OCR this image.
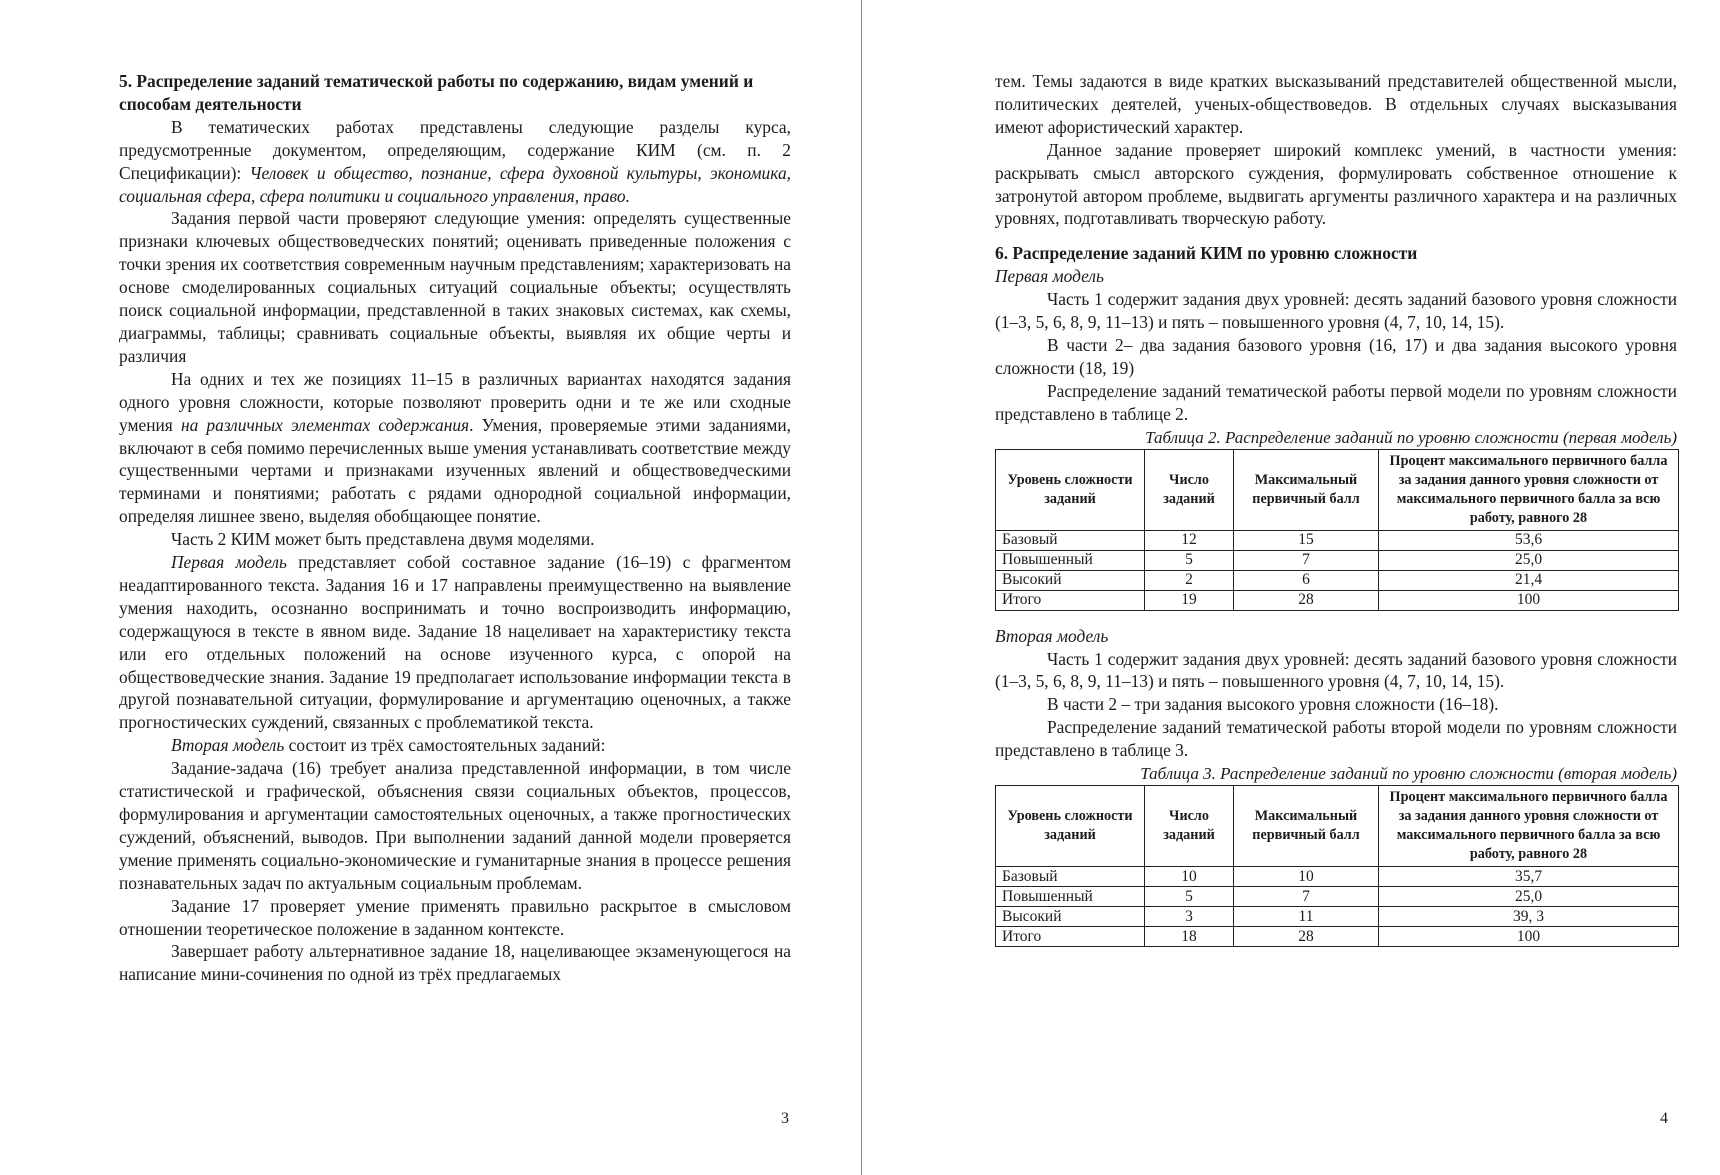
5. Распределение заданий тематической работы по содержанию, видам умений и способам деятельности

В тематических работах представлены следующие разделы курса, предусмотренные документом, определяющим, содержание КИМ (см. п. 2 Спецификации): Человек и общество, познание, сфера духовной культуры, экономика, социальная сфера, сфера политики и социального управления, право.

Задания первой части проверяют следующие умения: определять существенные признаки ключевых обществоведческих понятий; оценивать приведенные положения с точки зрения их соответствия современным научным представлениям; характеризовать на основе смоделированных социальных ситуаций социальные объекты; осуществлять поиск социальной информации, представленной в таких знаковых системах, как схемы, диаграммы, таблицы; сравнивать социальные объекты, выявляя их общие черты и различия

На одних и тех же позициях 11–15 в различных вариантах находятся задания одного уровня сложности, которые позволяют проверить одни и те же или сходные умения на различных элементах содержания. Умения, проверяемые этими заданиями, включают в себя помимо перечисленных выше умения устанавливать соответствие между существенными чертами и признаками изученных явлений и обществоведческими терминами и понятиями; работать с рядами однородной социальной информации, определяя лишнее звено, выделяя обобщающее понятие.

Часть 2 КИМ может быть представлена двумя моделями.

Первая модель представляет собой составное задание (16–19) с фрагментом неадаптированного текста. Задания 16 и 17 направлены преимущественно на выявление умения находить, осознанно воспринимать и точно воспроизводить информацию, содержащуюся в тексте в явном виде. Задание 18 нацеливает на характеристику текста или его отдельных положений на основе изученного курса, с опорой на обществоведческие знания. Задание 19 предполагает использование информации текста в другой познавательной ситуации, формулирование и аргументацию оценочных, а также прогностических суждений, связанных с проблематикой текста.

Вторая модель состоит из трёх самостоятельных заданий:

Задание-задача (16) требует анализа представленной информации, в том числе статистической и графической, объяснения связи социальных объектов, процессов, формулирования и аргументации самостоятельных оценочных, а также прогностических суждений, объяснений, выводов. При выполнении заданий данной модели проверяется умение применять социально-экономические и гуманитарные знания в процессе решения познавательных задач по актуальным социальным проблемам.

Задание 17 проверяет умение применять правильно раскрытое в смысловом отношении теоретическое положение в заданном контексте.

Завершает работу альтернативное задание 18, нацеливающее экзаменующегося на написание мини-сочинения по одной из трёх предлагаемых

3

тем. Темы задаются в виде кратких высказываний представителей общественной мысли, политических деятелей, ученых-обществоведов. В отдельных случаях высказывания имеют афористический характер.

Данное задание проверяет широкий комплекс умений, в частности умения: раскрывать смысл авторского суждения, формулировать собственное отношение к затронутой автором проблеме, выдвигать аргументы различного характера и на различных уровнях, подготавливать творческую работу.

6. Распределение заданий КИМ по уровню сложности

Первая модель

Часть 1 содержит задания двух уровней: десять заданий базового уровня сложности (1–3, 5, 6, 8, 9, 11–13) и пять – повышенного уровня (4, 7, 10, 14, 15).

В части 2– два задания базового уровня (16, 17) и два задания высокого уровня сложности (18, 19)

Распределение заданий тематической работы первой модели по уровням сложности представлено в таблице 2.

Таблица 2. Распределение заданий по уровню сложности (первая модель)
Уровень сложности заданий	Число заданий	Максимальный первичный балл	Процент максимального первичного балла за задания данного уровня сложности от максимального первичного балла за всю работу, равного 28
Базовый	12	15	53,6
Повышенный	5	7	25,0
Высокий	2	6	21,4
Итого	19	28	100

Вторая модель

Часть 1 содержит задания двух уровней: десять заданий базового уровня сложности (1–3, 5, 6, 8, 9, 11–13) и пять – повышенного уровня (4, 7, 10, 14, 15).

В части 2 – три задания высокого уровня сложности (16–18).

Распределение заданий тематической работы второй модели по уровням сложности представлено в таблице 3.

Таблица 3. Распределение заданий по уровню сложности (вторая модель)
Уровень сложности заданий	Число заданий	Максимальный первичный балл	Процент максимального первичного балла за задания данного уровня сложности от максимального первичного балла за всю работу, равного 28
Базовый	10	10	35,7
Повышенный	5	7	25,0
Высокий	3	11	39, 3
Итого	18	28	100
4
